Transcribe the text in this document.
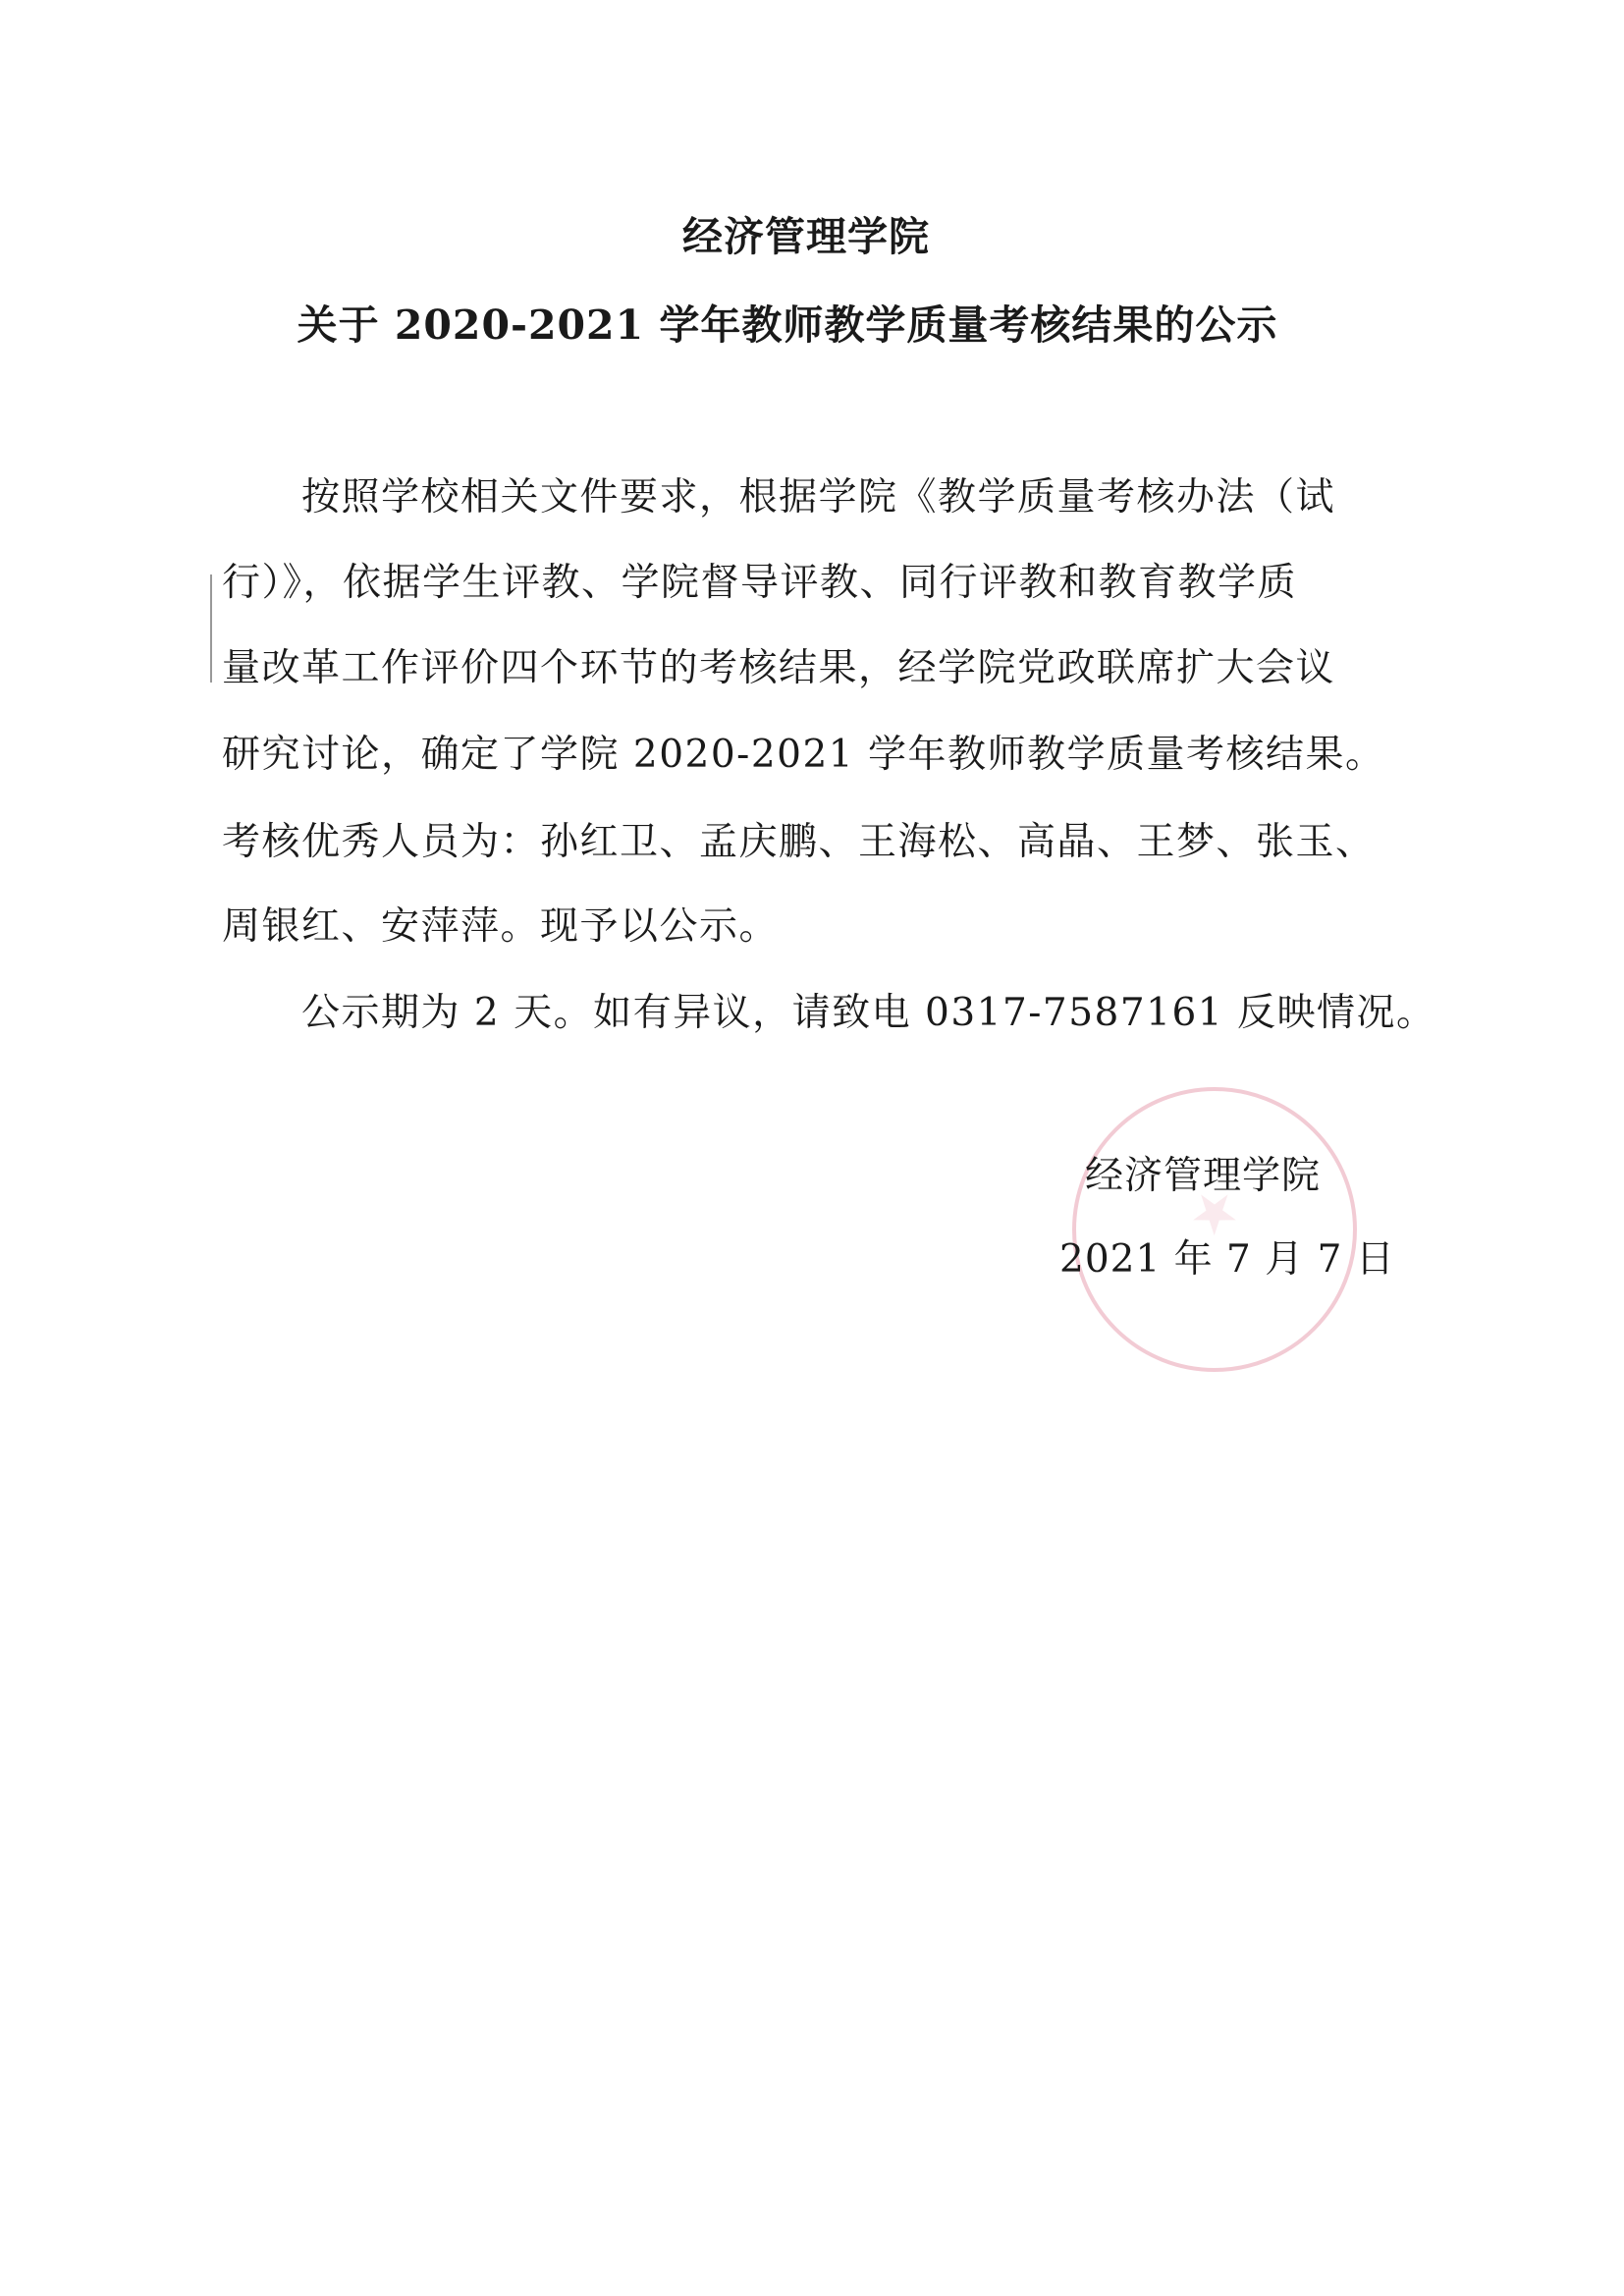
经济管理学院
关于 2020-2021 学年教师教学质量考核结果的公示
按照学校相关文件要求，根据学院《教学质量考核办法（试
行）》，依据学生评教、学院督导评教、同行评教和教育教学质
量改革工作评价四个环节的考核结果，经学院党政联席扩大会议
研究讨论，确定了学院 2020-2021 学年教师教学质量考核结果。
考核优秀人员为：孙红卫、孟庆鹏、王海松、高晶、王梦、张玉、
周银红、安萍萍。现予以公示。
公示期为 2 天。如有异议，请致电 0317-7587161 反映情况。
经济管理学院
2021 年 7 月 7 日
